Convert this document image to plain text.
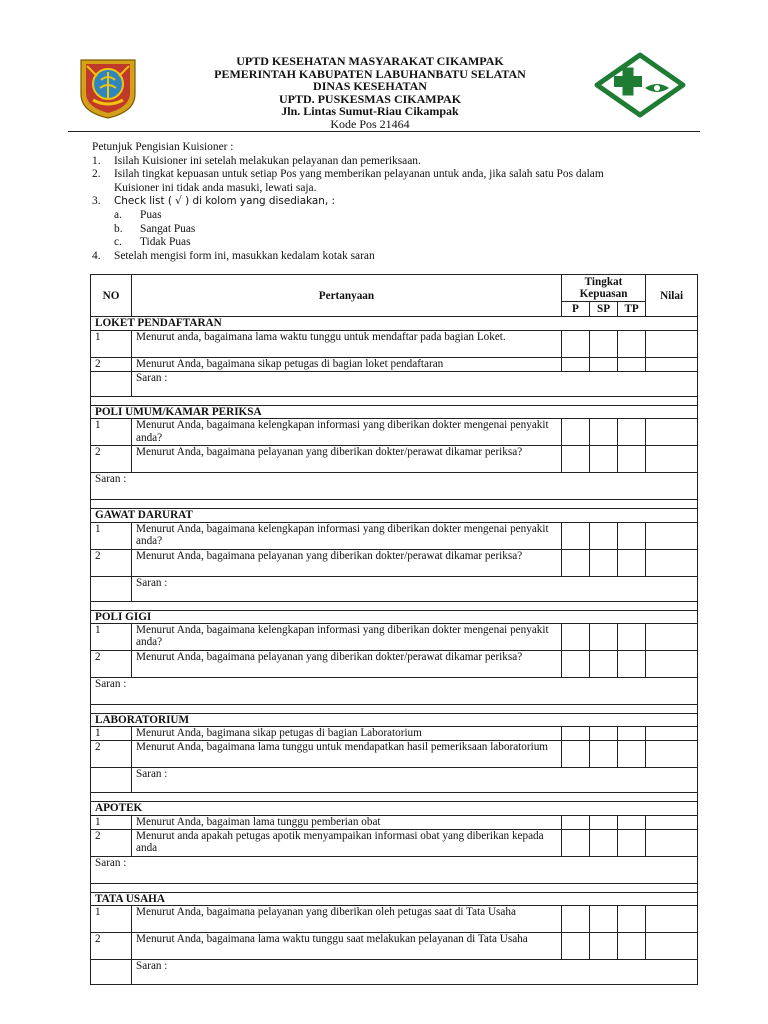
UPTD KESEHATAN MASYARAKAT CIKAMPAK
PEMERINTAH KABUPATEN LABUHANBATU SELATAN
DINAS KESEHATAN
UPTD. PUSKESMAS CIKAMPAK
Jln. Lintas Sumut-Riau Cikampak
Kode Pos 21464
Petunjuk Pengisian Kuisioner :
1.	Isilah Kuisioner ini setelah melakukan pelayanan dan pemeriksaan.
2.	Isilah tingkat kepuasan untuk setiap Pos yang memberikan pelayanan untuk anda, jika salah satu Pos dalam
Kuisioner ini tidak anda masuki, lewati saja.
3.	Check list ( √ ) di kolom yang disediakan, :
a.	Puas
b.	Sangat Puas
c.	Tidak Puas
4.	Setelah mengisi form ini, masukkan kedalam kotak saran
NO	Pertanyaan	Tingkat Kepuasan			Nilai
		P	SP	TP	
LOKET PENDAFTARAN					
1	Menurut anda, bagaimana lama waktu tunggu untuk mendaftar pada bagian Loket.				
2	Menurut Anda, bagaimana sikap petugas di bagian loket pendaftaran				
	Saran :				

POLI UMUM/KAMAR PERIKSA					
1	Menurut Anda, bagaimana kelengkapan informasi yang diberikan dokter mengenai penyakit anda?				
2	Menurut Anda, bagaimana pelayanan yang diberikan dokter/perawat dikamar periksa?				
Saran :					

GAWAT DARURAT					
1	Menurut Anda, bagaimana kelengkapan informasi yang diberikan dokter mengenai penyakit anda?				
2	Menurut Anda, bagaimana pelayanan yang diberikan dokter/perawat dikamar periksa?				
	Saran :				

POLI GIGI					
1	Menurut Anda, bagaimana kelengkapan informasi yang diberikan dokter mengenai penyakit anda?				
2	Menurut Anda, bagaimana pelayanan yang diberikan dokter/perawat dikamar periksa?				
Saran :					

LABORATORIUM					
1	Menurut Anda, bagimana sikap petugas di bagian Laboratorium				
2	Menurut Anda, bagaimana lama tunggu untuk mendapatkan hasil pemeriksaan laboratorium				
	Saran :				

APOTEK					
1	Menurut Anda, bagaiman lama tunggu pemberian obat				
2	Menurut anda apakah petugas apotik menyampaikan informasi obat yang diberikan kepada anda				
Saran :					

TATA USAHA					
1	Menurut Anda, bagaimana pelayanan yang diberikan oleh petugas saat di Tata Usaha				
2	Menurut Anda, bagaimana lama waktu tunggu saat melakukan pelayanan di Tata Usaha				
	Saran :				
